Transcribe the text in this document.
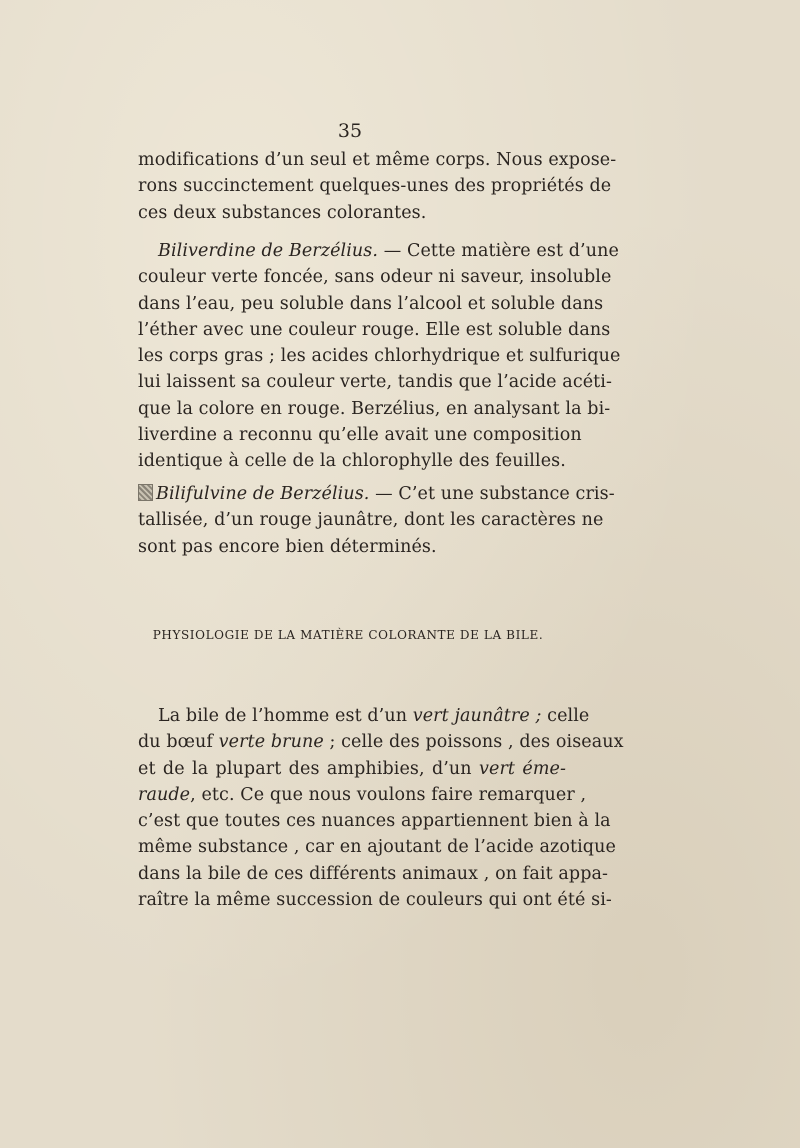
35
modifications d’un seul et même corps. Nous expose-
rons succinctement quelques-unes des propriétés de
ces deux substances colorantes.
Biliverdine de Berzélius. — Cette matière est d’une
couleur verte foncée, sans odeur ni saveur, insoluble
dans l’eau, peu soluble dans l’alcool et soluble dans
l’éther avec une couleur rouge. Elle est soluble dans
les corps gras ; les acides chlorhydrique et sulfurique
lui laissent sa couleur verte, tandis que l’acide acéti-
que la colore en rouge. Berzélius, en analysant la bi-
liverdine a reconnu qu’elle avait une composition
identique à celle de la chlorophylle des feuilles.
Bilifulvine de Berzélius. — C’et une substance cris-
tallisée, d’un rouge jaunâtre, dont les caractères ne
sont pas encore bien déterminés.
PHYSIOLOGIE DE LA MATIÈRE COLORANTE DE LA BILE.
La bile de l’homme est d’un vert jaunâtre ; celle
du bœuf verte brune ; celle des poissons , des oiseaux
et de la plupart des amphibies, d’un vert éme-
raude, etc. Ce que nous voulons faire remarquer ,
c’est que toutes ces nuances appartiennent bien à la
même substance , car en ajoutant de l’acide azotique
dans la bile de ces différents animaux , on fait appa-
raître la même succession de couleurs qui ont été si-
